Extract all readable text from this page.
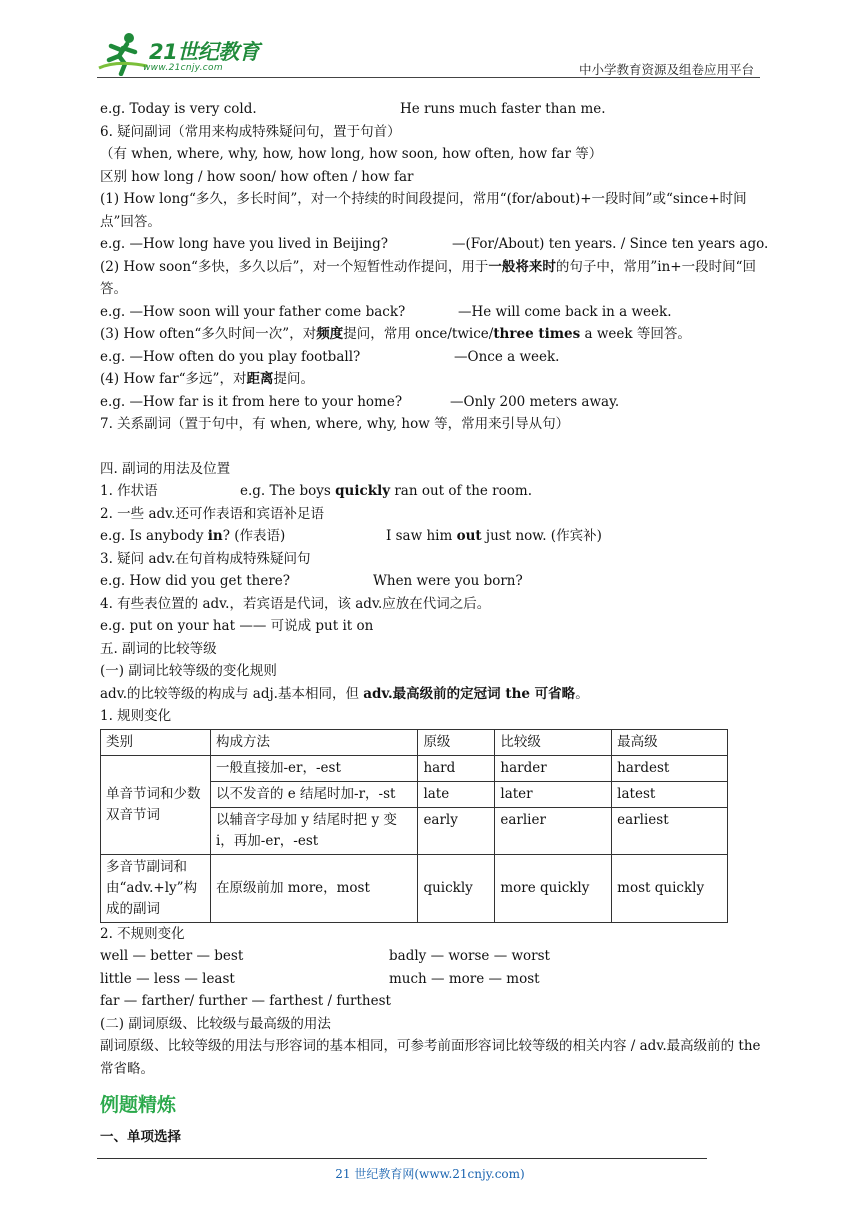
21世纪教育
www.21cnjy.com	中小学教育资源及组卷应用平台
e.g. Today is very cold.	He runs much faster than me.
6. 疑问副词（常用来构成特殊疑问句，置于句首）
（有 when, where, why, how, how long, how soon, how often, how far 等）
区别 how long / how soon/ how often / how far
(1) How long“多久，多长时间”，对一个持续的时间段提问，常用“(for/about)+一段时间”或“since+时间点”回答。
e.g. —How long have you lived in Beijing?	—(For/About) ten years. / Since ten years ago.
(2) How soon“多快，多久以后”，对一个短暂性动作提问，用于一般将来时的句子中，常用”in+一段时间“回答。
e.g. —How soon will your father come back?	—He will come back in a week.
(3) How often“多久时间一次”，对频度提问，常用 once/twice/three times a week 等回答。
e.g. —How often do you play football?	—Once a week.
(4) How far“多远”，对距离提问。
e.g. —How far is it from here to your home?	—Only 200 meters away.
7. 关系副词（置于句中，有 when, where, why, how 等，常用来引导从句）
四. 副词的用法及位置
1. 作状语	e.g. The boys quickly ran out of the room.
2. 一些 adv.还可作表语和宾语补足语
e.g. Is anybody in? (作表语)	I saw him out just now. (作宾补)
3. 疑问 adv.在句首构成特殊疑问句
e.g. How did you get there?	When were you born?
4. 有些表位置的 adv.，若宾语是代词，该 adv.应放在代词之后。
e.g. put on your hat —— 可说成 put it on
五. 副词的比较等级
(一) 副词比较等级的变化规则
adv.的比较等级的构成与 adj.基本相同，但 adv.最高级前的定冠词 the 可省略。
1. 规则变化
类别	构成方法	原级	比较级	最高级
单音节词和少数双音节词	一般直接加-er，-est	hard	harder	hardest
	以不发音的 e 结尾时加-r，-st	late	later	latest
	以辅音字母加 y 结尾时把 y 变 i，再加-er，-est	early	earlier	earliest
多音节副词和由“adv.+ly”构成的副词	在原级前加 more，most	quickly	more quickly	most quickly
2. 不规则变化
well — better — best	badly — worse — worst
little — less — least	much — more — most
far — farther/ further — farthest / furthest
(二) 副词原级、比较级与最高级的用法
副词原级、比较等级的用法与形容词的基本相同，可参考前面形容词比较等级的相关内容 / adv.最高级前的 the 常省略。
例题精炼
一、单项选择
21 世纪教育网(www.21cnjy.com)
